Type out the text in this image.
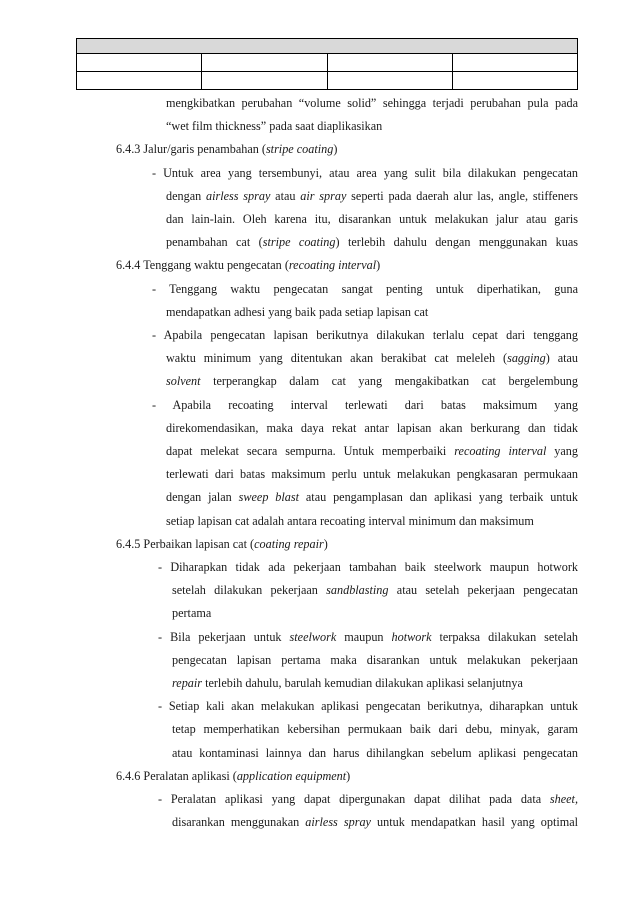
mengkibatkan perubahan “volume solid” sehingga terjadi perubahan pula pada
“wet film thickness” pada saat diaplikasikan
6.4.3 Jalur/garis penambahan (stripe coating)
- Untuk area yang tersembunyi, atau area yang sulit bila dilakukan pengecatan
dengan airless spray atau air spray seperti pada daerah alur las, angle, stiffeners
dan lain-lain. Oleh karena itu, disarankan untuk melakukan jalur atau garis
penambahan cat (stripe coating) terlebih dahulu dengan menggunakan kuas
6.4.4 Tenggang waktu pengecatan (recoating interval)
- Tenggang waktu pengecatan sangat penting untuk diperhatikan, guna
mendapatkan adhesi yang baik pada setiap lapisan cat
- Apabila pengecatan lapisan berikutnya dilakukan terlalu cepat dari tenggang
waktu minimum yang ditentukan akan berakibat cat meleleh (sagging) atau
solvent terperangkap dalam cat yang mengakibatkan cat bergelembung
- Apabila recoating interval terlewati dari batas maksimum yang
direkomendasikan, maka daya rekat antar lapisan akan berkurang dan tidak
dapat melekat secara sempurna. Untuk memperbaiki recoating interval yang
terlewati dari batas maksimum perlu untuk melakukan pengkasaran permukaan
dengan jalan sweep blast atau pengamplasan dan aplikasi yang terbaik untuk
setiap lapisan cat adalah antara recoating interval minimum dan maksimum
6.4.5 Perbaikan lapisan cat (coating repair)
- Diharapkan tidak ada pekerjaan tambahan baik steelwork maupun hotwork
setelah dilakukan pekerjaan sandblasting atau setelah pekerjaan pengecatan
pertama
- Bila pekerjaan untuk steelwork maupun hotwork terpaksa dilakukan setelah
pengecatan lapisan pertama maka disarankan untuk melakukan pekerjaan
repair terlebih dahulu, barulah kemudian dilakukan aplikasi selanjutnya
- Setiap kali akan melakukan aplikasi pengecatan berikutnya, diharapkan untuk
tetap memperhatikan kebersihan permukaan baik dari debu, minyak, garam
atau kontaminasi lainnya dan harus dihilangkan sebelum aplikasi pengecatan
6.4.6 Peralatan aplikasi (application equipment)
- Peralatan aplikasi yang dapat dipergunakan dapat dilihat pada data sheet,
disarankan menggunakan airless spray untuk mendapatkan hasil yang optimal
